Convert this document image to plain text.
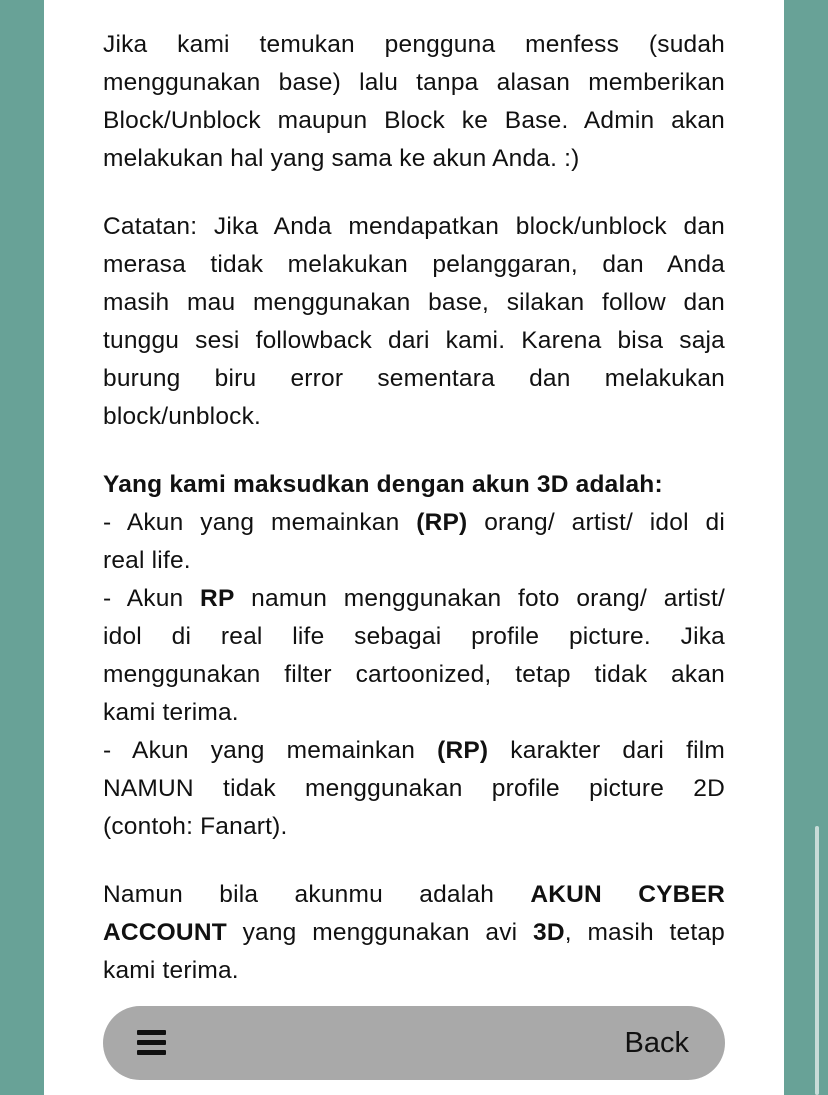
Jika kami temukan pengguna menfess (sudah
menggunakan base) lalu tanpa alasan memberikan
Block/Unblock maupun Block ke Base. Admin akan
melakukan hal yang sama ke akun Anda. :)
Catatan: Jika Anda mendapatkan block/unblock dan
merasa tidak melakukan pelanggaran, dan Anda
masih mau menggunakan base, silakan follow dan
tunggu sesi followback dari kami. Karena bisa saja
burung biru error sementara dan melakukan
block/unblock.
Yang kami maksudkan dengan akun 3D adalah:
- Akun yang memainkan (RP) orang/ artist/ idol di
real life.
- Akun RP namun menggunakan foto orang/ artist/
idol di real life sebagai profile picture. Jika
menggunakan filter cartoonized, tetap tidak akan
kami terima.
- Akun yang memainkan (RP) karakter dari film
NAMUN tidak menggunakan profile picture 2D
(contoh: Fanart).
Namun bila akunmu adalah AKUN CYBER
ACCOUNT yang menggunakan avi 3D, masih tetap
kami terima.
Back
